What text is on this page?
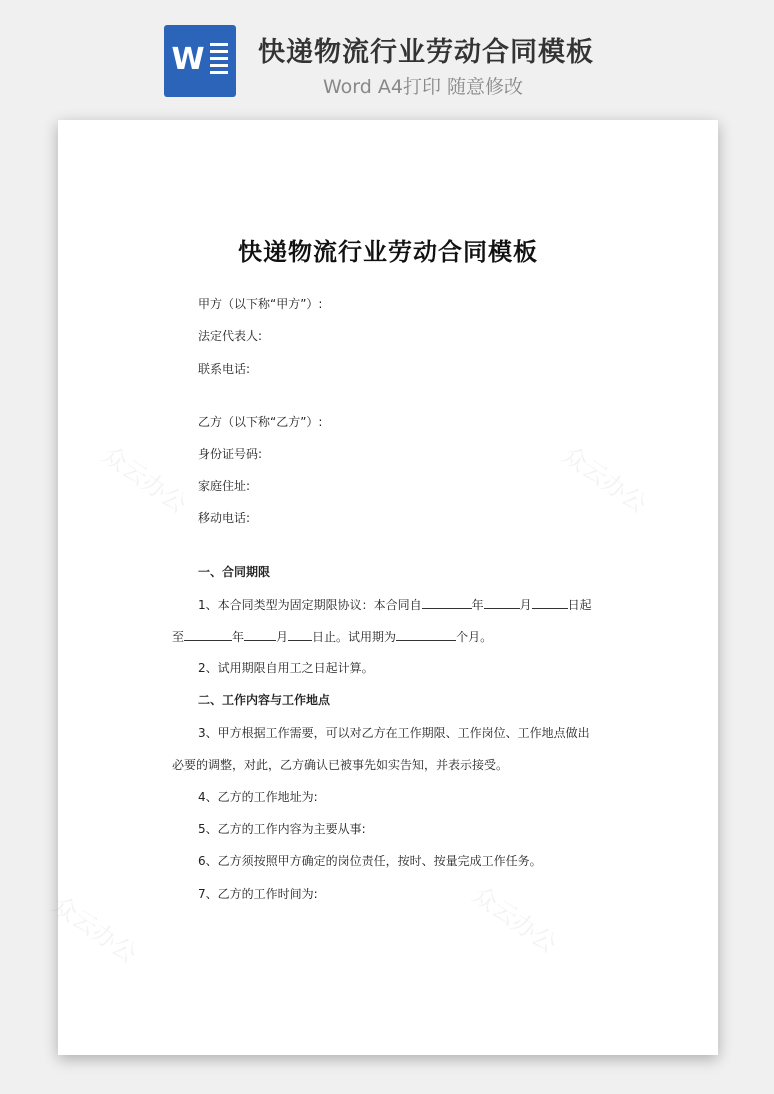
W 快递物流行业劳动合同模板
Word A4打印 随意修改
众云办公	众云办公
众云办公	众云办公
快递物流行业劳动合同模板
甲方（以下称“甲方”）:
法定代表人:
联系电话:
乙方（以下称“乙方”）:
身份证号码:
家庭住址:
移动电话:
一、合同期限
1、本合同类型为固定期限协议：本合同自	年	月	日起
至	年	月 日止。试用期为	个月。
2、试用期限自用工之日起计算。
二、工作内容与工作地点
3、甲方根据工作需要，可以对乙方在工作期限、工作岗位、工作地点做出
必要的调整，对此，乙方确认已被事先如实告知，并表示接受。
4、乙方的工作地址为:
5、乙方的工作内容为主要从事:
6、乙方须按照甲方确定的岗位责任，按时、按量完成工作任务。
7、乙方的工作时间为:
